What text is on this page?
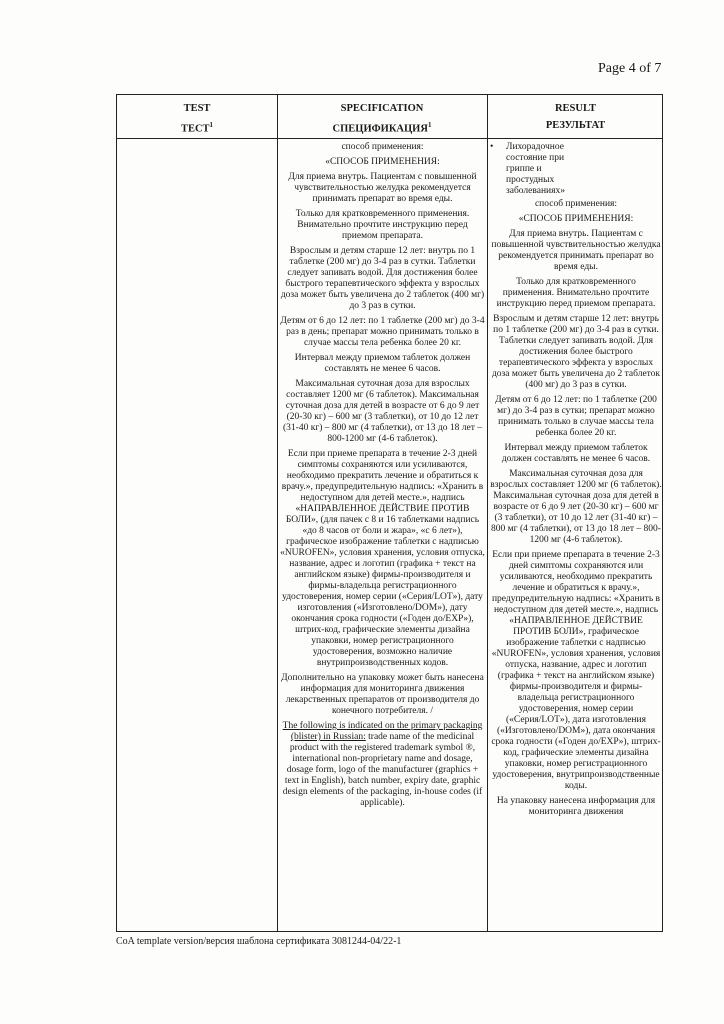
Page 4 of 7
TEST
ТЕСТ$^1$
SPECIFICATION
СПЕЦИФИКАЦИЯ$^1$
RESULT
РЕЗУЛЬТАТ

способ применения:

«СПОСОБ ПРИМЕНЕНИЯ:

Для приема внутрь. Пациентам с повышенной чувствительностью желудка рекомендуется принимать препарат во время еды.

Только для кратковременного применения. Внимательно прочтите инструкцию перед приемом препарата.

Взрослым и детям старше 12 лет: внутрь по 1 таблетке (200 мг) до 3-4 раз в сутки. Таблетки следует запивать водой. Для достижения более быстрого терапевтического эффекта у взрослых доза может быть увеличена до 2 таблеток (400 мг) до 3 раз в сутки.

Детям от 6 до 12 лет: по 1 таблетке (200 мг) до 3-4 раз в день; препарат можно принимать только в случае массы тела ребенка более 20 кг.

Интервал между приемом таблеток должен составлять не менее 6 часов.

Максимальная суточная доза для взрослых составляет 1200 мг (6 таблеток). Максимальная суточная доза для детей в возрасте от 6 до 9 лет (20-30 кг) – 600 мг (3 таблетки), от 10 до 12 лет (31-40 кг) – 800 мг (4 таблетки), от 13 до 18 лет – 800-1200 мг (4-6 таблеток).

Если при приеме препарата в течение 2-3 дней симптомы сохраняются или усиливаются, необходимо прекратить лечение и обратиться к врачу.», предупредительную надпись: «Хранить в недоступном для детей месте.», надпись «НАПРАВЛЕННОЕ ДЕЙСТВИЕ ПРОТИВ БОЛИ», (для пачек с 8 и 16 таблетками надпись «до 8 часов от боли и жара», «с 6 лет»), графическое изображение таблетки с надписью «NUROFEN», условия хранения, условия отпуска, название, адрес и логотип (графика + текст на английском языке) фирмы-производителя и фирмы-владельца регистрационного удостоверения, номер серии («Серия/LOT»), дату изготовления («Изготовлено/DOM»), дату окончания срока годности («Годен до/EXP»), штрих-код, графические элементы дизайна упаковки, номер регистрационного удостоверения, возможно наличие внутрипроизводственных кодов.

Дополнительно на упаковку может быть нанесена информация для мониторинга движения лекарственных препаратов от производителя до конечного потребителя. /

The following is indicated on the primary packaging (blister) in Russian: trade name of the medicinal product with the registered trademark symbol ®, international non-proprietary name and dosage, dosage form, logo of the manufacturer (graphics + text in English), batch number, expiry date, graphic design elements of the packaging, in-house codes (if applicable).

•	Лихорадочное состояние при гриппе и простудных заболеваниях»

способ применения:

«СПОСОБ ПРИМЕНЕНИЯ:

Для приема внутрь. Пациентам с повышенной чувствительностью желудка рекомендуется принимать препарат во время еды.

Только для кратковременного применения. Внимательно прочтите инструкцию перед приемом препарата.

Взрослым и детям старше 12 лет: внутрь по 1 таблетке (200 мг) до 3-4 раз в сутки. Таблетки следует запивать водой. Для достижения более быстрого терапевтического эффекта у взрослых доза может быть увеличена до 2 таблеток (400 мг) до 3 раз в сутки.

Детям от 6 до 12 лет: по 1 таблетке (200 мг) до 3-4 раз в сутки; препарат можно принимать только в случае массы тела ребенка более 20 кг.

Интервал между приемом таблеток должен составлять не менее 6 часов.

Максимальная суточная доза для взрослых составляет 1200 мг (6 таблеток). Максимальная суточная доза для детей в возрасте от 6 до 9 лет (20-30 кг) – 600 мг (3 таблетки), от 10 до 12 лет (31-40 кг) – 800 мг (4 таблетки), от 13 до 18 лет – 800-1200 мг (4-6 таблеток).

Если при приеме препарата в течение 2-3 дней симптомы сохраняются или усиливаются, необходимо прекратить лечение и обратиться к врачу.», предупредительную надпись: «Хранить в недоступном для детей месте.», надпись «НАПРАВЛЕННОЕ ДЕЙСТВИЕ ПРОТИВ БОЛИ», графическое изображение таблетки с надписью «NUROFEN», условия хранения, условия отпуска, название, адрес и логотип (графика + текст на английском языке) фирмы-производителя и фирмы-владельца регистрационного удостоверения, номер серии («Серия/LOT»), дата изготовления («Изготовлено/DOM»), дата окончания срока годности («Годен до/EXP»), штрих-код, графические элементы дизайна упаковки, номер регистрационного удостоверения, внутрипроизводственные коды.

На упаковку нанесена информация для мониторинга движения

CoA template version/версия шаблона сертификата 3081244-04/22-1
